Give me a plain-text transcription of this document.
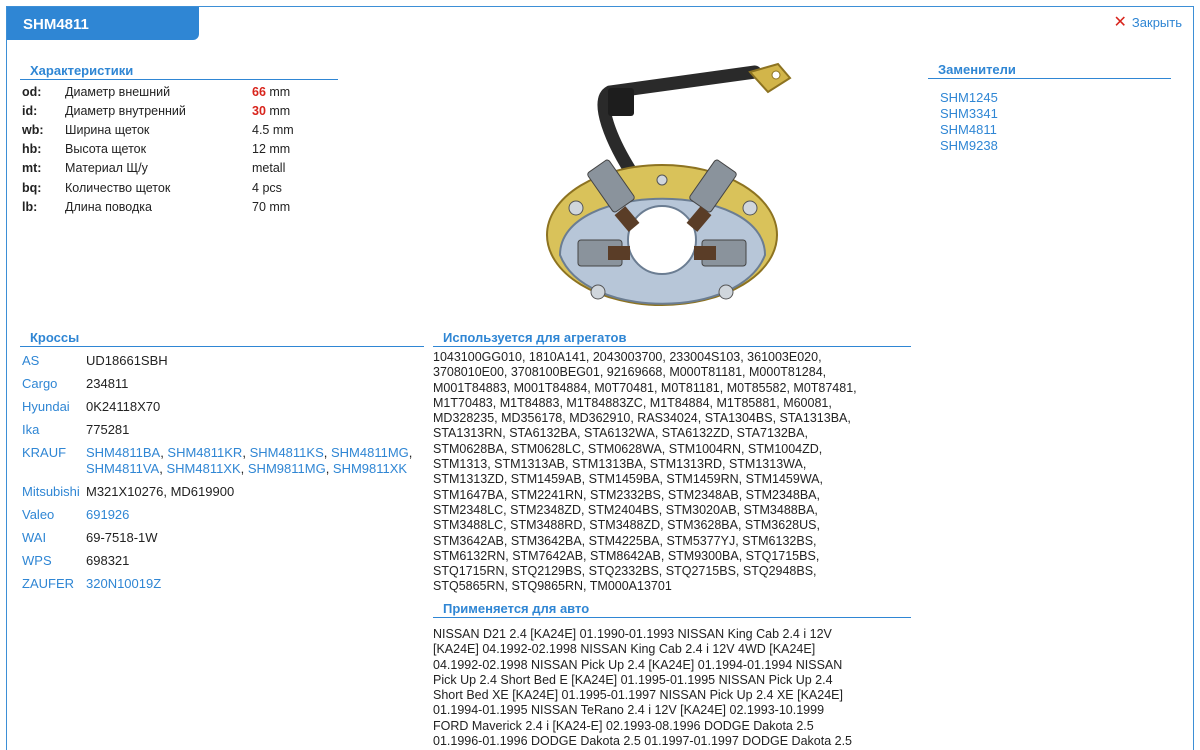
SHM4811	✕ Закрыть
Характеристики
od:	Диаметр внешний	66 mm
id:	Диаметр внутренний	30 mm
wb:	Ширина щеток	4.5 mm
hb:	Высота щеток	12 mm
mt:	Материал Щ/у	metall
bq:	Количество щеток	4 pcs
lb:	Длина поводка	70 mm
Заменители
SHM1245
SHM3341
SHM4811
SHM9238
Кроссы
AS	UD18661SBH
Cargo	234811
Hyundai	0K24118X70
Ika	775281
KRAUF	SHM4811BA, SHM4811KR, SHM4811KS, SHM4811MG, SHM4811VA, SHM4811XK, SHM9811MG, SHM9811XK
Mitsubishi	M321X10276, MD619900
Valeo	691926
WAI	69-7518-1W
WPS	698321
ZAUFER	320N10019Z
Используется для агрегатов
1043100GG010, 1810A141, 2043003700, 233004S103, 361003E020,
3708010E00, 3708100BEG01, 92169668, M000T81181, M000T81284,
M001T84883, M001T84884, M0T70481, M0T81181, M0T85582, M0T87481,
M1T70483, M1T84883, M1T84883ZC, M1T84884, M1T85881, M60081,
MD328235, MD356178, MD362910, RAS34024, STA1304BS, STA1313BA,
STA1313RN, STA6132BA, STA6132WA, STA6132ZD, STA7132BA,
STM0628BA, STM0628LC, STM0628WA, STM1004RN, STM1004ZD,
STM1313, STM1313AB, STM1313BA, STM1313RD, STM1313WA,
STM1313ZD, STM1459AB, STM1459BA, STM1459RN, STM1459WA,
STM1647BA, STM2241RN, STM2332BS, STM2348AB, STM2348BA,
STM2348LC, STM2348ZD, STM2404BS, STM3020AB, STM3488BA,
STM3488LC, STM3488RD, STM3488ZD, STM3628BA, STM3628US,
STM3642AB, STM3642BA, STM4225BA, STM5377YJ, STM6132BS,
STM6132RN, STM7642AB, STM8642AB, STM9300BA, STQ1715BS,
STQ1715RN, STQ2129BS, STQ2332BS, STQ2715BS, STQ2948BS,
STQ5865RN, STQ9865RN, TM000A13701
Применяется для авто
NISSAN D21 2.4 [KA24E] 01.1990-01.1993 NISSAN King Cab 2.4 i 12V
[KA24E] 04.1992-02.1998 NISSAN King Cab 2.4 i 12V 4WD [KA24E]
04.1992-02.1998 NISSAN Pick Up 2.4 [KA24E] 01.1994-01.1994 NISSAN
Pick Up 2.4 Short Bed E [KA24E] 01.1995-01.1995 NISSAN Pick Up 2.4
Short Bed XE [KA24E] 01.1995-01.1997 NISSAN Pick Up 2.4 XE [KA24E]
01.1994-01.1995 NISSAN TeRano 2.4 i 12V [KA24E] 02.1993-10.1999
FORD Maverick 2.4 i [KA24-E] 02.1993-08.1996 DODGE Dakota 2.5
01.1996-01.1996 DODGE Dakota 2.5 01.1997-01.1997 DODGE Dakota 2.5
